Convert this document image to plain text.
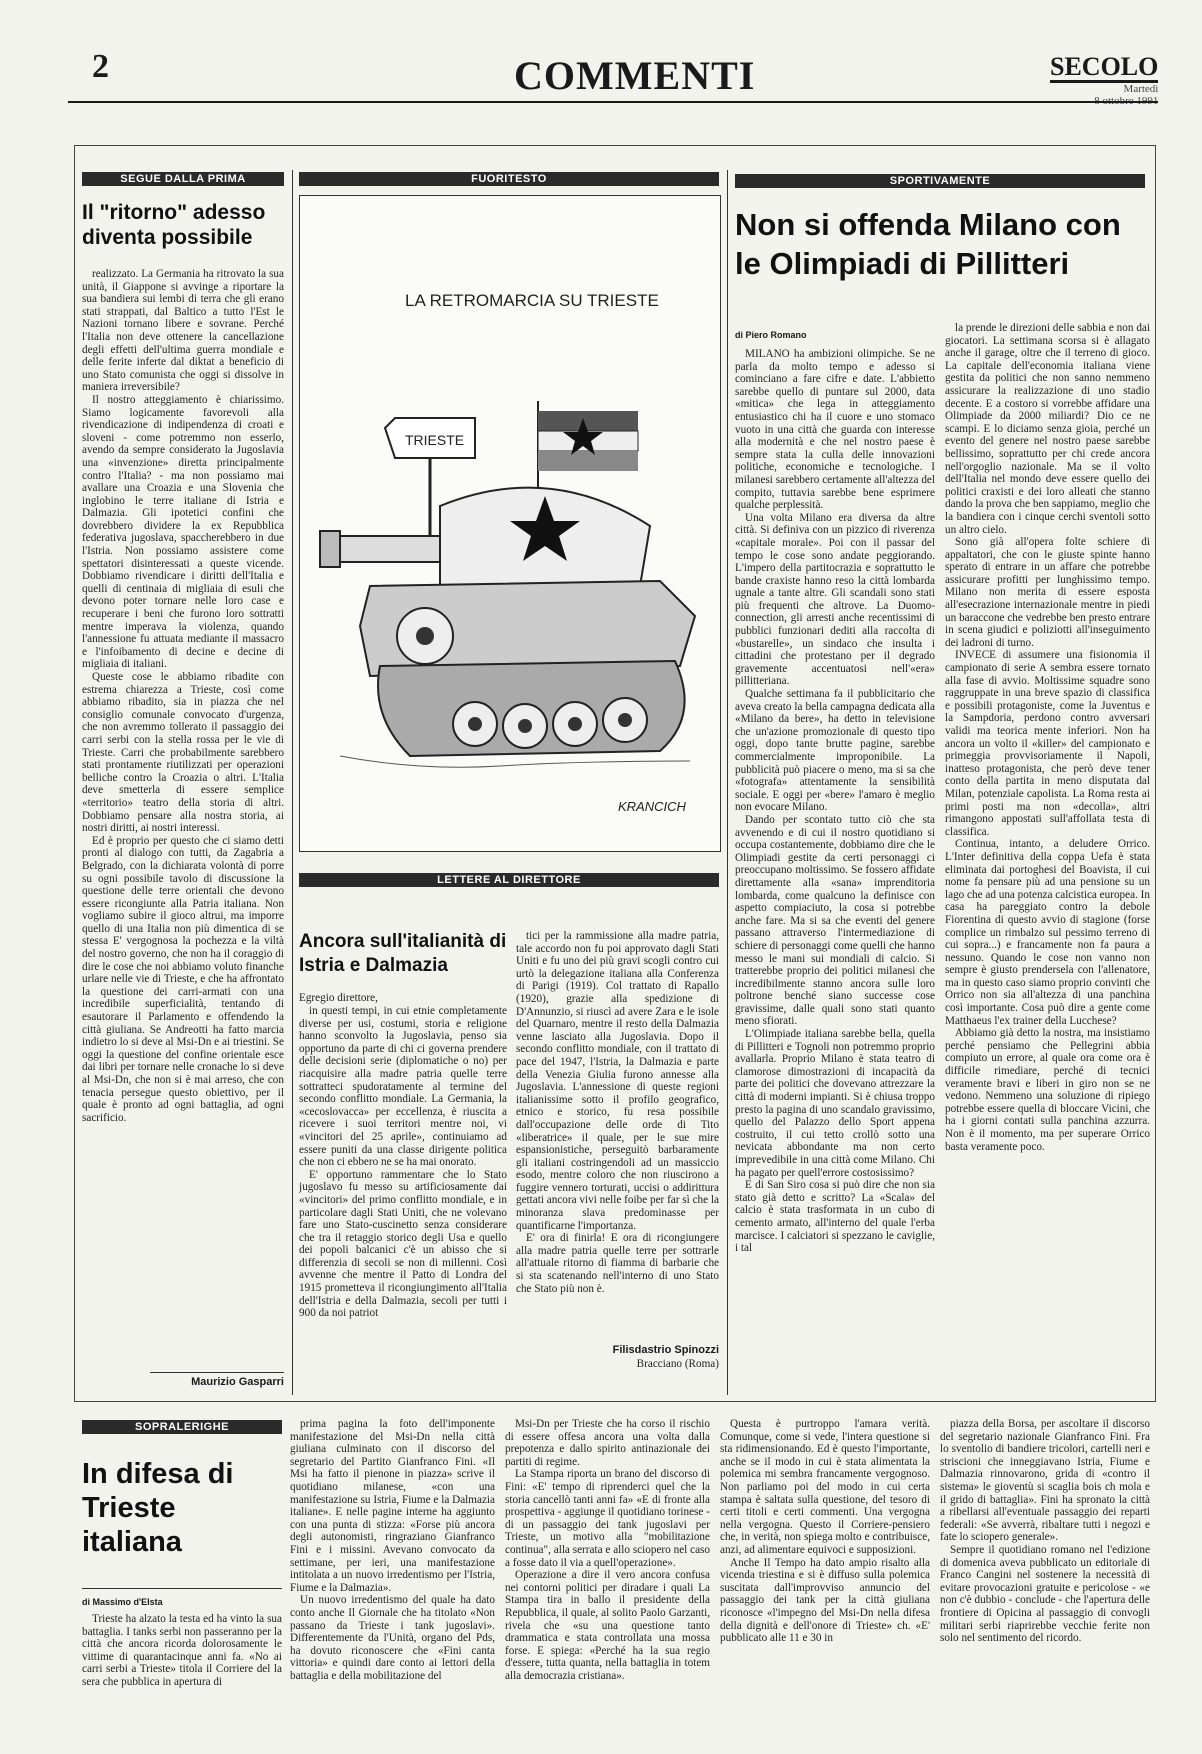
2	COMMENTI	SECOLO
Martedì
SEGUE DALLA PRIMA
Il "ritorno" adesso diventa possibile

realizzato. La Germania ha ritrovato la sua unità, il Giappone si avvinge a riportare la sua bandiera sui lembi di terra che gli erano stati strappati, dal Baltico a tutto l'Est le Nazioni tornano libere e sovrane. Perché l'Italia non deve ottenere la cancellazione degli effetti dell'ultima guerra mondiale e delle ferite inferte dal diktat a beneficio di uno Stato comunista che oggi si dissolve in maniera irreversibile?

Il nostro atteggiamento è chiarissimo. Siamo logicamente favorevoli alla rivendicazione di indipendenza di croati e sloveni - come potremmo non esserlo, avendo da sempre considerato la Jugoslavia una «invenzione» diretta principalmente contro l'Italia? - ma non possiamo mai avallare una Croazia e una Slovenia che inglobino le terre italiane di Istria e Dalmazia. Gli ipotetici confini che dovrebbero dividere la ex Repubblica federativa jugoslava, spaccherebbero in due l'Istria. Non possiamo assistere come spettatori disinteressati a queste vicende. Dobbiamo rivendicare i diritti dell'Italia e quelli di centinaia di migliaia di esuli che devono poter tornare nelle loro case e recuperare i beni che furono loro sottratti mentre imperava la violenza, quando l'annessione fu attuata mediante il massacro e l'infoibamento di decine e decine di migliaia di italiani.

Queste cose le abbiamo ribadite con estrema chiarezza a Trieste, così come abbiamo ribadito, sia in piazza che nel consiglio comunale convocato d'urgenza, che non avremmo tollerato il passaggio dei carri serbi con la stella rossa per le vie di Trieste. Carri che probabilmente sarebbero stati prontamente riutilizzati per operazioni belliche contro la Croazia o altri. L'Italia deve smetterla di essere semplice «territorio» teatro della storia di altri. Dobbiamo pensare alla nostra storia, ai nostri diritti, ai nostri interessi.

Ed è proprio per questo che ci siamo detti pronti al dialogo con tutti, da Zagabria a Belgrado, con la dichiarata volontà di porre su ogni possibile tavolo di discussione la questione delle terre orientali che devono essere ricongiunte alla Patria italiana. Non vogliamo subire il gioco altrui, ma imporre quello di una Italia non più dimentica di se stessa E' vergognosa la pochezza e la viltà del nostro governo, che non ha il coraggio di dire le cose che noi abbiamo voluto finanche urlare nelle vie di Trieste, e che ha affrontato la questione dei carri-armati con una incredibile superficialità, tentando di esautorare il Parlamento e offendendo la città giuliana. Se Andreotti ha fatto marcia indietro lo si deve al Msi-Dn e ai triestini. Se oggi la questione del confine orientale esce dai libri per tornare nelle cronache lo si deve al Msi-Dn, che non si è mai arreso, che con tenacia persegue questo obiettivo, per il quale è pronto ad ogni battaglia, ad ogni sacrificio.

Maurizio Gasparri
FUORITESTO
LA RETROMARCIA SU TRIESTE
TRIESTE
KRANCICH
LETTERE AL DIRETTORE
Ancora sull'italianità di Istria e Dalmazia
Egregio direttore,

in questi tempi, in cui etnie completamente diverse per usi, costumi, storia e religione hanno sconvolto la Jugoslavia, penso sia opportuno da parte di chi ci governa prendere delle decisioni serie (diplomatiche o no) per riacquisire alla madre patria quelle terre sottratteci spudoratamente al termine del secondo conflitto mondiale. La Germania, la «cecoslovacca» per eccellenza, è riuscita a ricevere i suoi territori mentre noi, vi «vincitori del 25 aprile», continuiamo ad essere puniti da una classe dirigente politica che non ci ebbero ne se ha mai onorato.

E' opportuno rammentare che lo Stato jugoslavo fu messo su artificiosamente dai «vincitori» del primo conflitto mondiale, e in particolare dagli Stati Uniti, che ne volevano fare uno Stato-cuscinetto senza considerare che tra il retaggio storico degli Usa e quello dei popoli balcanici c'è un abisso che si differenzia di secoli se non di millenni. Così avvenne che mentre il Patto di Londra del 1915 prometteva il ricongiungimento all'Italia dell'Istria e della Dalmazia, secoli per tutti i 900 da noi patriot

tici per la rammissione alla madre patria, tale accordo non fu poi approvato dagli Stati Uniti e fu uno dei più gravi scogli contro cui urtò la delegazione italiana alla Conferenza di Parigi (1919). Col trattato di Rapallo (1920), grazie alla spedizione di D'Annunzio, si riuscì ad avere Zara e le isole del Quarnaro, mentre il resto della Dalmazia venne lasciato alla Jugoslavia. Dopo il secondo conflitto mondiale, con il trattato di pace del 1947, l'Istria, la Dalmazia e parte della Venezia Giulia furono annesse alla Jugoslavia. L'annessione di queste regioni italianissime sotto il profilo geografico, etnico e storico, fu resa possibile dall'occupazione delle orde di Tito «liberatrice» il quale, per le sue mire espansionistiche, perseguitò barbaramente gli italiani costringendoli ad un massiccio esodo, mentre coloro che non riuscirono a fuggire vennero torturati, uccisi o addirittura gettati ancora vivi nelle foibe per far sì che la minoranza slava predominasse per quantificarne l'importanza.

E' ora di finirla! E ora di ricongiungere alla madre patria quelle terre per sottrarle all'attuale ritorno di fiamma di barbarie che si sta scatenando nell'interno di uno Stato che Stato più non è.

Filisdastrio Spinozzi
Bracciano (Roma)
SPORTIVAMENTE
Non si offenda Milano con le Olimpiadi di Pillitteri
di Piero Romano

MILANO ha ambizioni olimpiche. Se ne parla da molto tempo e adesso si cominciano a fare cifre e date. L'abbietto sarebbe quello di puntare sul 2000, data «mitica» che lega in atteggiamento entusiastico chi ha il cuore e uno stomaco vuoto in una città che guarda con interesse alla modernità e che nel nostro paese è sempre stata la culla delle innovazioni politiche, economiche e tecnologiche. I milanesi sarebbero certamente all'altezza del compito, tuttavia sarebbe bene esprimere qualche perplessità.

Una volta Milano era diversa da altre città. Si definiva con un pizzico di riverenza «capitale morale». Poi con il passar del tempo le cose sono andate peggiorando. L'impero della partitocrazia e soprattutto le bande craxiste hanno reso la città lombarda ugnale a tante altre. Gli scandali sono stati più frequenti che altrove. La Duomo-connection, gli arresti anche recentissimi di pubblici funzionari dediti alla raccolta di «bustarelle», un sindaco che insulta i cittadini che protestano per il degrado gravemente accentuatosi nell'«era» pillitteriana.

Qualche settimana fa il pubblicitario che aveva creato la bella campagna dedicata alla «Milano da bere», ha detto in televisione che un'azione promozionale di questo tipo oggi, dopo tante brutte pagine, sarebbe commercialmente improponibile. La pubblicità può piacere o meno, ma si sa che «fotografa» attentamente la sensibilità sociale. E oggi per «bere» l'amaro è meglio non evocare Milano.

Dando per scontato tutto ciò che sta avvenendo e di cui il nostro quotidiano si occupa costantemente, dobbiamo dire che le Olimpiadi gestite da certi personaggi ci preoccupano moltissimo. Se fossero affidate direttamente alla «sana» imprenditoria lombarda, come qualcuno la definisce con aspetto compiaciuto, la cosa si potrebbe anche fare. Ma si sa che eventi del genere passano attraverso l'intermediazione di schiere di personaggi come quelli che hanno messo le mani sui mondiali di calcio. Si tratterebbe proprio dei politici milanesi che incredibilmente stanno ancora sulle loro poltrone benché siano successe cose gravissime, dalle quali sono stati quanto meno sfiorati.

L'Olimpiade italiana sarebbe bella, quella di Pillitteri e Tognoli non potremmo proprio avallarla. Proprio Milano è stata teatro di clamorose dimostrazioni di incapacità da parte dei politici che dovevano attrezzare la città di moderni impianti. Si è chiusa troppo presto la pagina di uno scandalo gravissimo, quello del Palazzo dello Sport appena costruito, il cui tetto crollò sotto una nevicata abbondante ma non certo imprevedibile in una città come Milano. Chi ha pagato per quell'errore costosissimo?

E di San Siro cosa si può dire che non sia stato già detto e scritto? La «Scala» del calcio è stata trasformata in un cubo di cemento armato, all'interno del quale l'erba marcisce. I calciatori si spezzano le caviglie, i tal

la prende le direzioni delle sabbia e non dai giocatori. La settimana scorsa si è allagato anche il garage, oltre che il terreno di gioco. La capitale dell'economia italiana viene gestita da politici che non sanno nemmeno assicurare la realizzazione di uno stadio decente. E a costoro si vorrebbe affidare una Olimpiade da 2000 miliardi? Dio ce ne scampi. E lo diciamo senza gioia, perché un evento del genere nel nostro paese sarebbe bellissimo, soprattutto per chi crede ancora nell'orgoglio nazionale. Ma se il volto dell'Italia nel mondo deve essere quello dei politici craxisti e dei loro alleati che stanno dando la prova che ben sappiamo, meglio che la bandiera con i cinque cerchi sventoli sotto un altro cielo.

Sono già all'opera folte schiere di appaltatori, che con le giuste spinte hanno sperato di entrare in un affare che potrebbe assicurare profitti per lunghissimo tempo. Milano non merita di essere esposta all'esecrazione internazionale mentre in piedi un baraccone che vedrebbe ben presto entrare in scena giudici e poliziotti all'inseguimento dei ladroni di turno.

INVECE di assumere una fisionomia il campionato di serie A sembra essere tornato alla fase di avvio. Moltissime squadre sono raggruppate in una breve spazio di classifica e possibili protagoniste, come la Juventus e la Sampdoria, perdono contro avversari validi ma teorica mente inferiori. Non ha ancora un volto il «killer» del campionato e primeggia provvisoriamente il Napoli, inatteso protagonista, che però deve tener conto della partita in meno disputata dal Milan, potenziale capolista. La Roma resta ai primi posti ma non «decolla», altri rimangono appostati sull'affollata testa di classifica.

Continua, intanto, a deludere Orrico. L'Inter definitiva della coppa Uefa è stata eliminata dai portoghesi del Boavista, il cui nome fa pensare più ad una pensione su un lago che ad una potenza calcistica europea. In casa ha pareggiato contro la debole Fiorentina di questo avvio di stagione (forse complice un rimbalzo sul pessimo terreno di cui sopra...) e francamente non fa paura a nessuno. Quando le cose non vanno non sempre è giusto prendersela con l'allenatore, ma in questo caso siamo proprio convinti che Orrico non sia all'altezza di una panchina così importante. Cosa può dire a gente come Matthaeus l'ex trainer della Lucchese?

Abbiamo già detto la nostra, ma insistiamo perché pensiamo che Pellegrini abbia compiuto un errore, al quale ora come ora è difficile rimediare, perché di tecnici veramente bravi e liberi in giro non se ne vedono. Nemmeno una soluzione di ripiego potrebbe essere quella di bloccare Vicini, che ha i giorni contati sulla panchina azzurra. Non è il momento, ma per superare Orrico basta veramente poco.

SOPRALERIGHE
In difesa di Trieste italiana
di Massimo d'Elsta

Trieste ha alzato la testa ed ha vinto la sua battaglia. I tanks serbi non passeranno per la città che ancora ricorda dolorosamente le vittime di quarantacinque anni fa. «No ai carri serbi a Trieste» titola il Corriere del la sera che pubblica in apertura di

prima pagina la foto dell'imponente manifestazione del Msi-Dn nella città giuliana culminato con il discorso del segretario del Partito Gianfranco Fini. «Il Msi ha fatto il pienone in piazza» scrive il quotidiano milanese, «con una manifestazione su Istria, Fiume e la Dalmazia italiane». E nelle pagine interne ha aggiunto con una punta di stizza: «Forse più ancora degli autonomisti, ringraziano Gianfranco Fini e i missini. Avevano convocato da settimane, per ieri, una manifestazione intitolata a un nuovo irredentismo per l'Istria, Fiume e la Dalmazia».

Un nuovo irredentismo del quale ha dato conto anche Il Giornale che ha titolato «Non passano da Trieste i tank jugoslavi». Differentemente da l'Unità, organo del Pds, ha dovuto riconoscere che «Fini canta vittoria» e quindi dare conto ai lettori della battaglia e della mobilitazione del

Msi-Dn per Trieste che ha corso il rischio di essere offesa ancora una volta dalla prepotenza e dallo spirito antinazionale dei partiti di regime.

La Stampa riporta un brano del discorso di Fini: «E' tempo di riprenderci quel che la storia cancellò tanti anni fa» «E di fronte alla prospettiva - aggiunge il quotidiano torinese - di un passaggio dei tank jugoslavi per Trieste, un motivo alla "mobilitazione continua", alla serrata e allo sciopero nel caso a fosse dato il via a quell'operazione».

Operazione a dire il vero ancora confusa nei contorni politici per diradare i quali La Stampa tira in ballo il presidente della Repubblica, il quale, al solito Paolo Garzanti, rivela che «su una questione tanto drammatica e stata controllata una mossa forse. E spiega: «Perché ha la sua regio d'essere, tutta quanta, nella battaglia in totem alla democrazia cristiana».

Questa è purtroppo l'amara verità. Comunque, come si vede, l'intera questione si sta ridimensionando. Ed è questo l'importante, anche se il modo in cui è stata alimentata la polemica mi sembra francamente vergognoso. Non parliamo poi del modo in cui certa stampa è saltata sulla questione, del tesoro di certi titoli e certi commenti. Una vergogna nella vergogna. Questo il Corriere-pensiero che, in verità, non spiega molto e contribuisce, anzi, ad alimentare equivoci e supposizioni.

Anche Il Tempo ha dato ampio risalto alla vicenda triestina e si è diffuso sulla polemica suscitata dall'improvviso annuncio del passaggio dei tank per la città giuliana riconosce «l'impegno del Msi-Dn nella difesa della dignità e dell'onore di Trieste» ch. «E' pubblicato alle 11 e 30 in

piazza della Borsa, per ascoltare il discorso del segretario nazionale Gianfranco Fini. Fra lo sventolio di bandiere tricolori, cartelli neri e striscioni che inneggiavano Istria, Fiume e Dalmazia rinnovarono, grida di «contro il sistema» le gioventù si scaglia bois ch mola e il grido di battaglia». Fini ha spronato la città a ribellarsi all'eventuale passaggio dei reparti federali: «Se avverrà, ribaltare tutti i negozi e fate lo sciopero generale».

Sempre il quotidiano romano nel l'edizione di domenica aveva pubblicato un editoriale di Franco Cangini nel sostenere la necessità di evitare provocazioni gratuite e pericolose - «e non c'è dubbio - conclude - che l'apertura delle frontiere di Opicina al passaggio di convogli militari serbi riaprirebbe vecchie ferite non solo nel sentimento del ricordo.
